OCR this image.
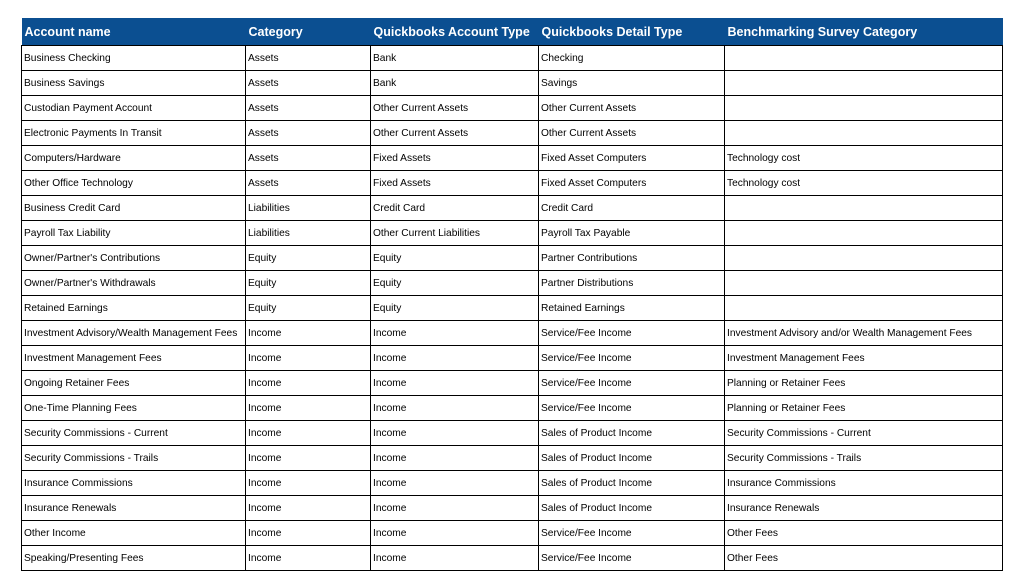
Account name	Category	Quickbooks Account Type	Quickbooks Detail Type	Benchmarking Survey Category
Business Checking	Assets	Bank	Checking	
Business Savings	Assets	Bank	Savings	
Custodian Payment Account	Assets	Other Current Assets	Other Current Assets	
Electronic Payments In Transit	Assets	Other Current Assets	Other Current Assets	
Computers/Hardware	Assets	Fixed Assets	Fixed Asset Computers	Technology cost
Other Office Technology	Assets	Fixed Assets	Fixed Asset Computers	Technology cost
Business Credit Card	Liabilities	Credit Card	Credit Card	
Payroll Tax Liability	Liabilities	Other Current Liabilities	Payroll Tax Payable	
Owner/Partner's Contributions	Equity	Equity	Partner Contributions	
Owner/Partner's Withdrawals	Equity	Equity	Partner Distributions	
Retained Earnings	Equity	Equity	Retained Earnings	
Investment Advisory/Wealth Management Fees	Income	Income	Service/Fee Income	Investment Advisory and/or Wealth Management Fees
Investment Management Fees	Income	Income	Service/Fee Income	Investment Management Fees
Ongoing Retainer Fees	Income	Income	Service/Fee Income	Planning or Retainer Fees
One-Time Planning Fees	Income	Income	Service/Fee Income	Planning or Retainer Fees
Security Commissions - Current	Income	Income	Sales of Product Income	Security Commissions - Current
Security Commissions - Trails	Income	Income	Sales of Product Income	Security Commissions - Trails
Insurance Commissions	Income	Income	Sales of Product Income	Insurance Commissions
Insurance Renewals	Income	Income	Sales of Product Income	Insurance Renewals
Other Income	Income	Income	Service/Fee Income	Other Fees
Speaking/Presenting Fees	Income	Income	Service/Fee Income	Other Fees
